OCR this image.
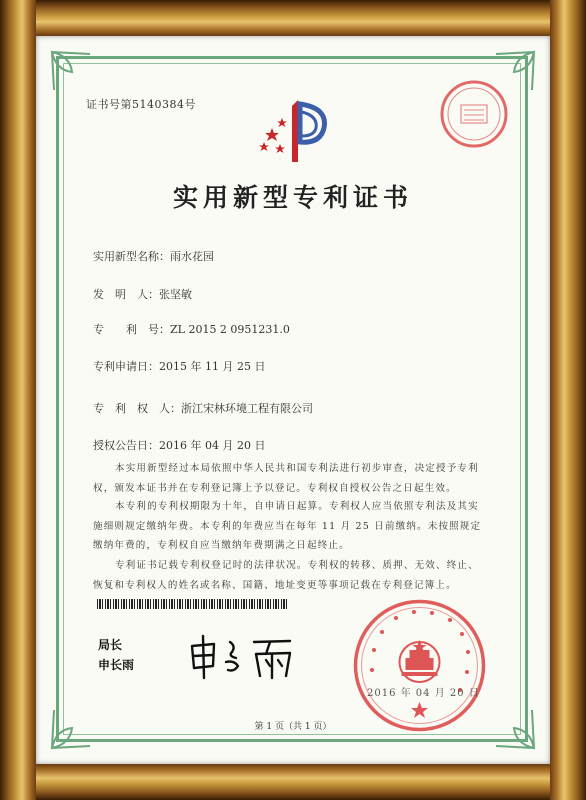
证书号第5140384号
实用新型专利证书
实用新型名称：雨水花园
发　明　人：张坚敏
专　　利　号：ZL 2015 2 0951231.0
专利申请日：2015 年 11 月 25 日
专　利　权　人：浙江宋林环境工程有限公司
授权公告日：2016 年 04 月 20 日
本实用新型经过本局依照中华人民共和国专利法进行初步审查，决定授予专利权，颁发本证书并在专利登记簿上予以登记。专利权自授权公告之日起生效。
本专利的专利权期限为十年，自申请日起算。专利权人应当依照专利法及其实施细则规定缴纳年费。本专利的年费应当在每年 11 月 25 日前缴纳。未按照规定缴纳年费的，专利权自应当缴纳年费期满之日起终止。
专利证书记载专利权登记时的法律状况。专利权的转移、质押、无效、终止、恢复和专利权人的姓名或名称、国籍、地址变更等事项记载在专利登记簿上。
局长
申长雨
2016 年 04 月 20 日
第 1 页（共 1 页）
